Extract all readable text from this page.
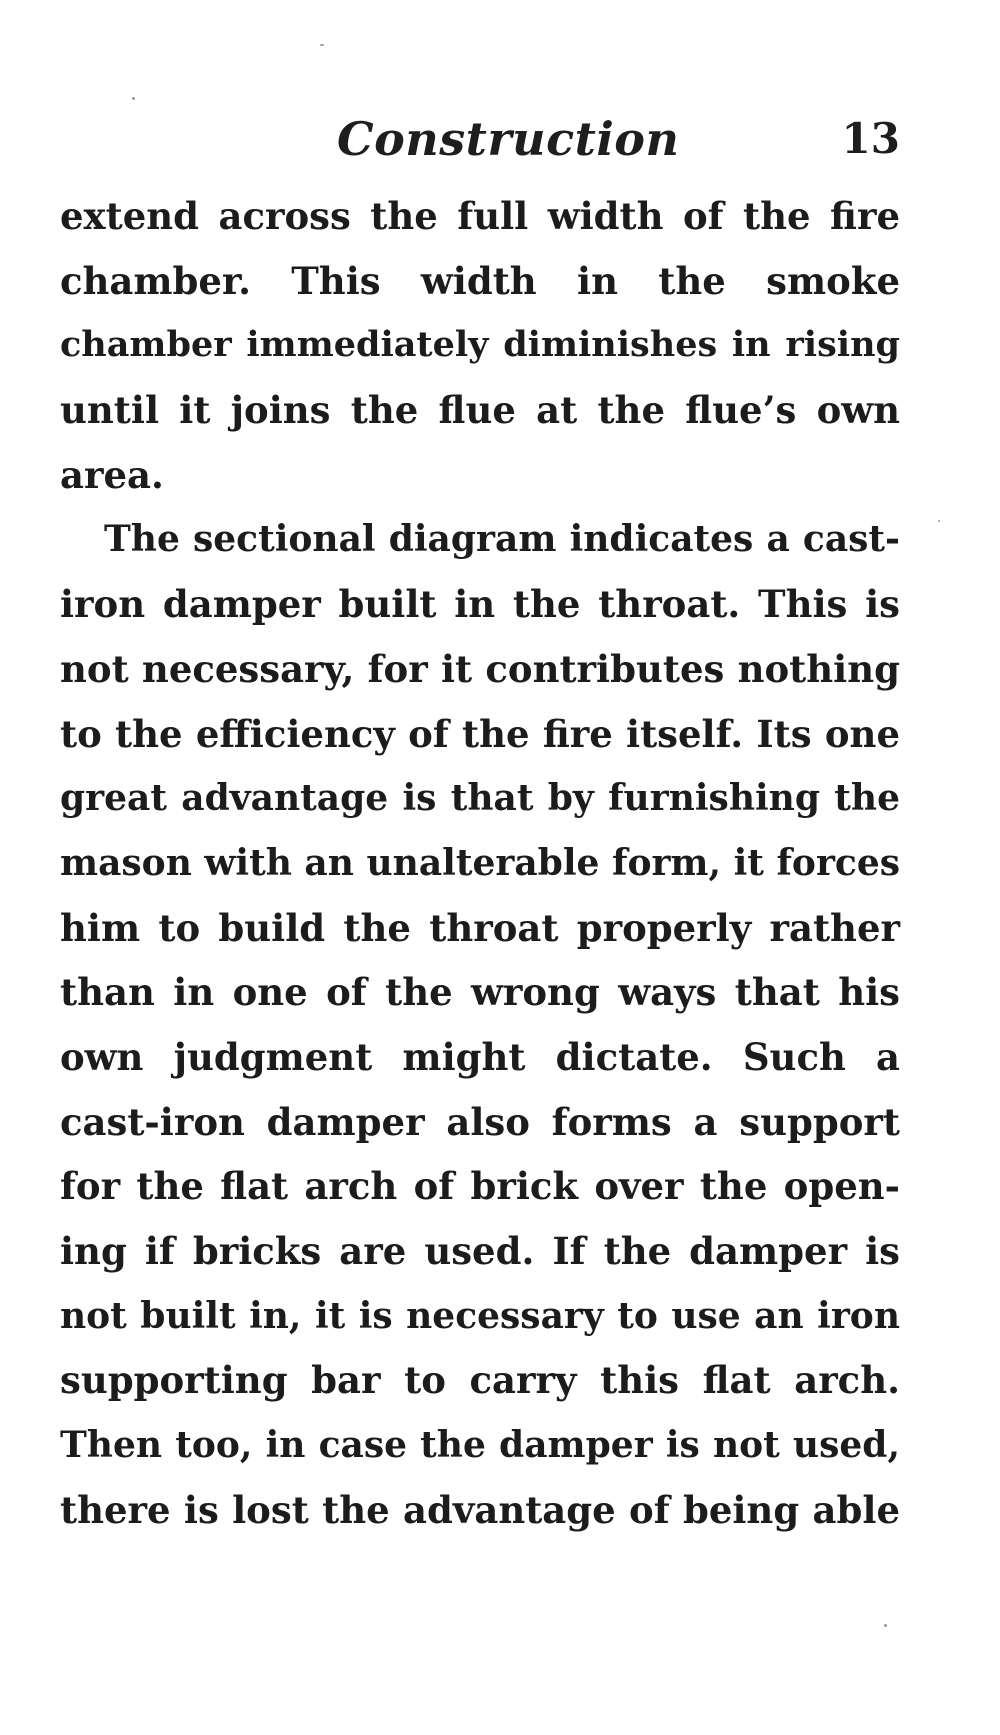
Construction	13
extend across the full width of the fire
chamber. This width in the smoke
chamber immediately diminishes in rising
until it joins the flue at the flue’s own
area.
The sectional diagram indicates a cast-
iron damper built in the throat. This is
not necessary, for it contributes nothing
to the efficiency of the fire itself. Its one
great advantage is that by furnishing the
mason with an unalterable form, it forces
him to build the throat properly rather
than in one of the wrong ways that his
own judgment might dictate. Such a
cast-iron damper also forms a support
for the flat arch of brick over the open-
ing if bricks are used. If the damper is
not built in, it is necessary to use an iron
supporting bar to carry this flat arch.
Then too, in case the damper is not used,
there is lost the advantage of being able
